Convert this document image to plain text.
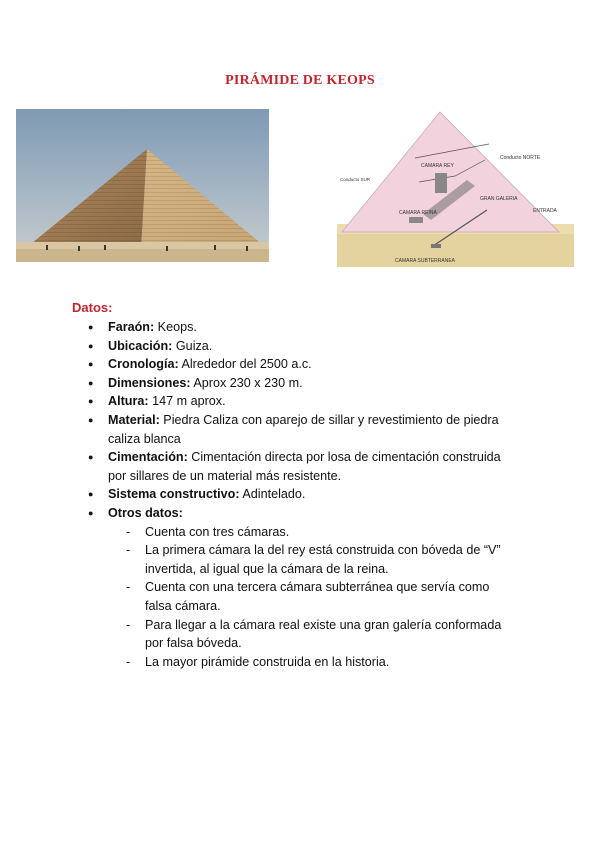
PIRÁMIDE DE KEOPS
CAMARA REY
Conducto NORTE
Conducto SUR
GRAN GALERIA
CAMARA REINA	ENTRADA
CAMARA SUBTERRANEA
Datos:
● Faraón: Keops.
● Ubicación: Guiza.
● Cronología: Alrededor del 2500 a.c.
● Dimensiones: Aprox 230 x 230 m.
● Altura: 147 m aprox.
● Material: Piedra Caliza con aparejo de sillar y revestimiento de piedra caliza blanca
● Cimentación: Cimentación directa por losa de cimentación construida por sillares de un material más resistente.
● Sistema constructivo: Adintelado.
● Otros datos:
- Cuenta con tres cámaras.
- La primera cámara la del rey está construida con bóveda de “V” invertida, al igual que la cámara de la reina.
- Cuenta con una tercera cámara subterránea que servía como falsa cámara.
- Para llegar a la cámara real existe una gran galería conformada por falsa bóveda.
- La mayor pirámide construida en la historia.
